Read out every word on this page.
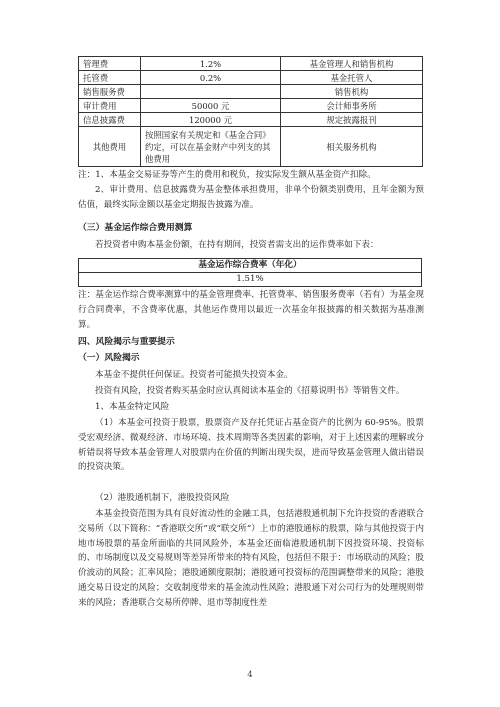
管理费	1.2%	基金管理人和销售机构
托管费	0.2%	基金托管人
销售服务费		销售机构
审计费用	50000 元	会计师事务所
信息披露费	120000 元	规定披露报刊
其他费用	按照国家有关规定和《基金合同》约定，可以在基金财产中列支的其他费用	相关服务机构
注：1、本基金交易证券等产生的费用和税负，按实际发生额从基金资产扣除。
2、审计费用、信息披露费为基金整体承担费用，非单个份额类别费用，且年金额为预估值，最终实际金额以基金定期报告披露为准。
（三）基金运作综合费用测算
若投资者申购本基金份额，在持有期间，投资者需支出的运作费率如下表：
基金运作综合费率（年化）
1.51%
注：基金运作综合费率测算中的基金管理费率、托管费率、销售服务费率（若有）为基金现行合同费率，不含费率优惠，其他运作费用以最近一次基金年报披露的相关数据为基准测算。
四、风险揭示与重要提示
（一）风险揭示
本基金不提供任何保证。投资者可能损失投资本金。
投资有风险，投资者购买基金时应认真阅读本基金的《招募说明书》等销售文件。
1、本基金特定风险
（1）本基金可投资于股票，股票资产及存托凭证占基金资产的比例为 60-95%。股票受宏观经济、微观经济、市场环境、技术周期等各类因素的影响，对于上述因素的理解或分析错误将导致本基金管理人对股票内在价值的判断出现失误，进而导致基金管理人做出错误的投资决策。
（2）港股通机制下，港股投资风险
本基金投资范围为具有良好流动性的金融工具，包括港股通机制下允许投资的香港联合交易所（以下简称：“香港联交所”或“联交所”）上市的港股通标的股票，除与其他投资于内地市场股票的基金所面临的共同风险外，本基金还面临港股通机制下因投资环境、投资标的、市场制度以及交易规则等差异所带来的特有风险，包括但不限于：市场联动的风险；股价波动的风险；汇率风险；港股通额度限制；港股通可投资标的范围调整带来的风险；港股通交易日设定的风险；交收制度带来的基金流动性风险；港股通下对公司行为的处理规则带来的风险；香港联合交易所停牌、退市等制度性差
4
